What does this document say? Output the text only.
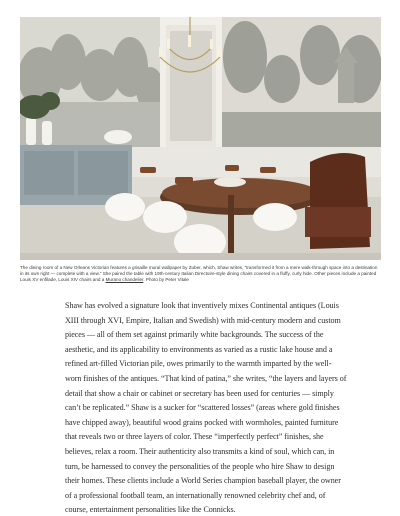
The dining room of a New Orleans Victorian features a grisaille mural wallpaper by Zuber, which, Shaw writes, “transformed it from a mere walk-through space into a destination in its own right — complete with a view.” She paired the table with 19th-century Italian Directoire-style dining chairs covered in a fluffy, curly hide. Other pieces include a painted Louis XV enfilade, Louis XIV chairs and a Murano chandelier. Photo by Peter Vitale

Shaw has evolved a signature look that inventively mixes Continental antiques (Louis XIII through XVI, Empire, Italian and Swedish) with mid-century modern and custom pieces — all of them set against primarily white backgrounds. The success of the aesthetic, and its applicability to environments as varied as a rustic lake house and a refined art-filled Victorian pile, owes primarily to the warmth imparted by the well-worn finishes of the antiques. “That kind of patina,” she writes, “the layers and layers of detail that show a chair or cabinet or secretary has been used for centuries — simply can’t be replicated.” Shaw is a sucker for “scattered losses” (areas where gold finishes have chipped away), beautiful wood grains pocked with wormholes, painted furniture that reveals two or three layers of color. These “imperfectly perfect” finishes, she believes, relax a room. Their authenticity also transmits a kind of soul, which can, in turn, be harnessed to convey the personalities of the people who hire Shaw to design their homes. These clients include a World Series champion baseball player, the owner of a professional football team, an internationally renowned celebrity chef and, of course, entertainment personalities like the Connicks.
